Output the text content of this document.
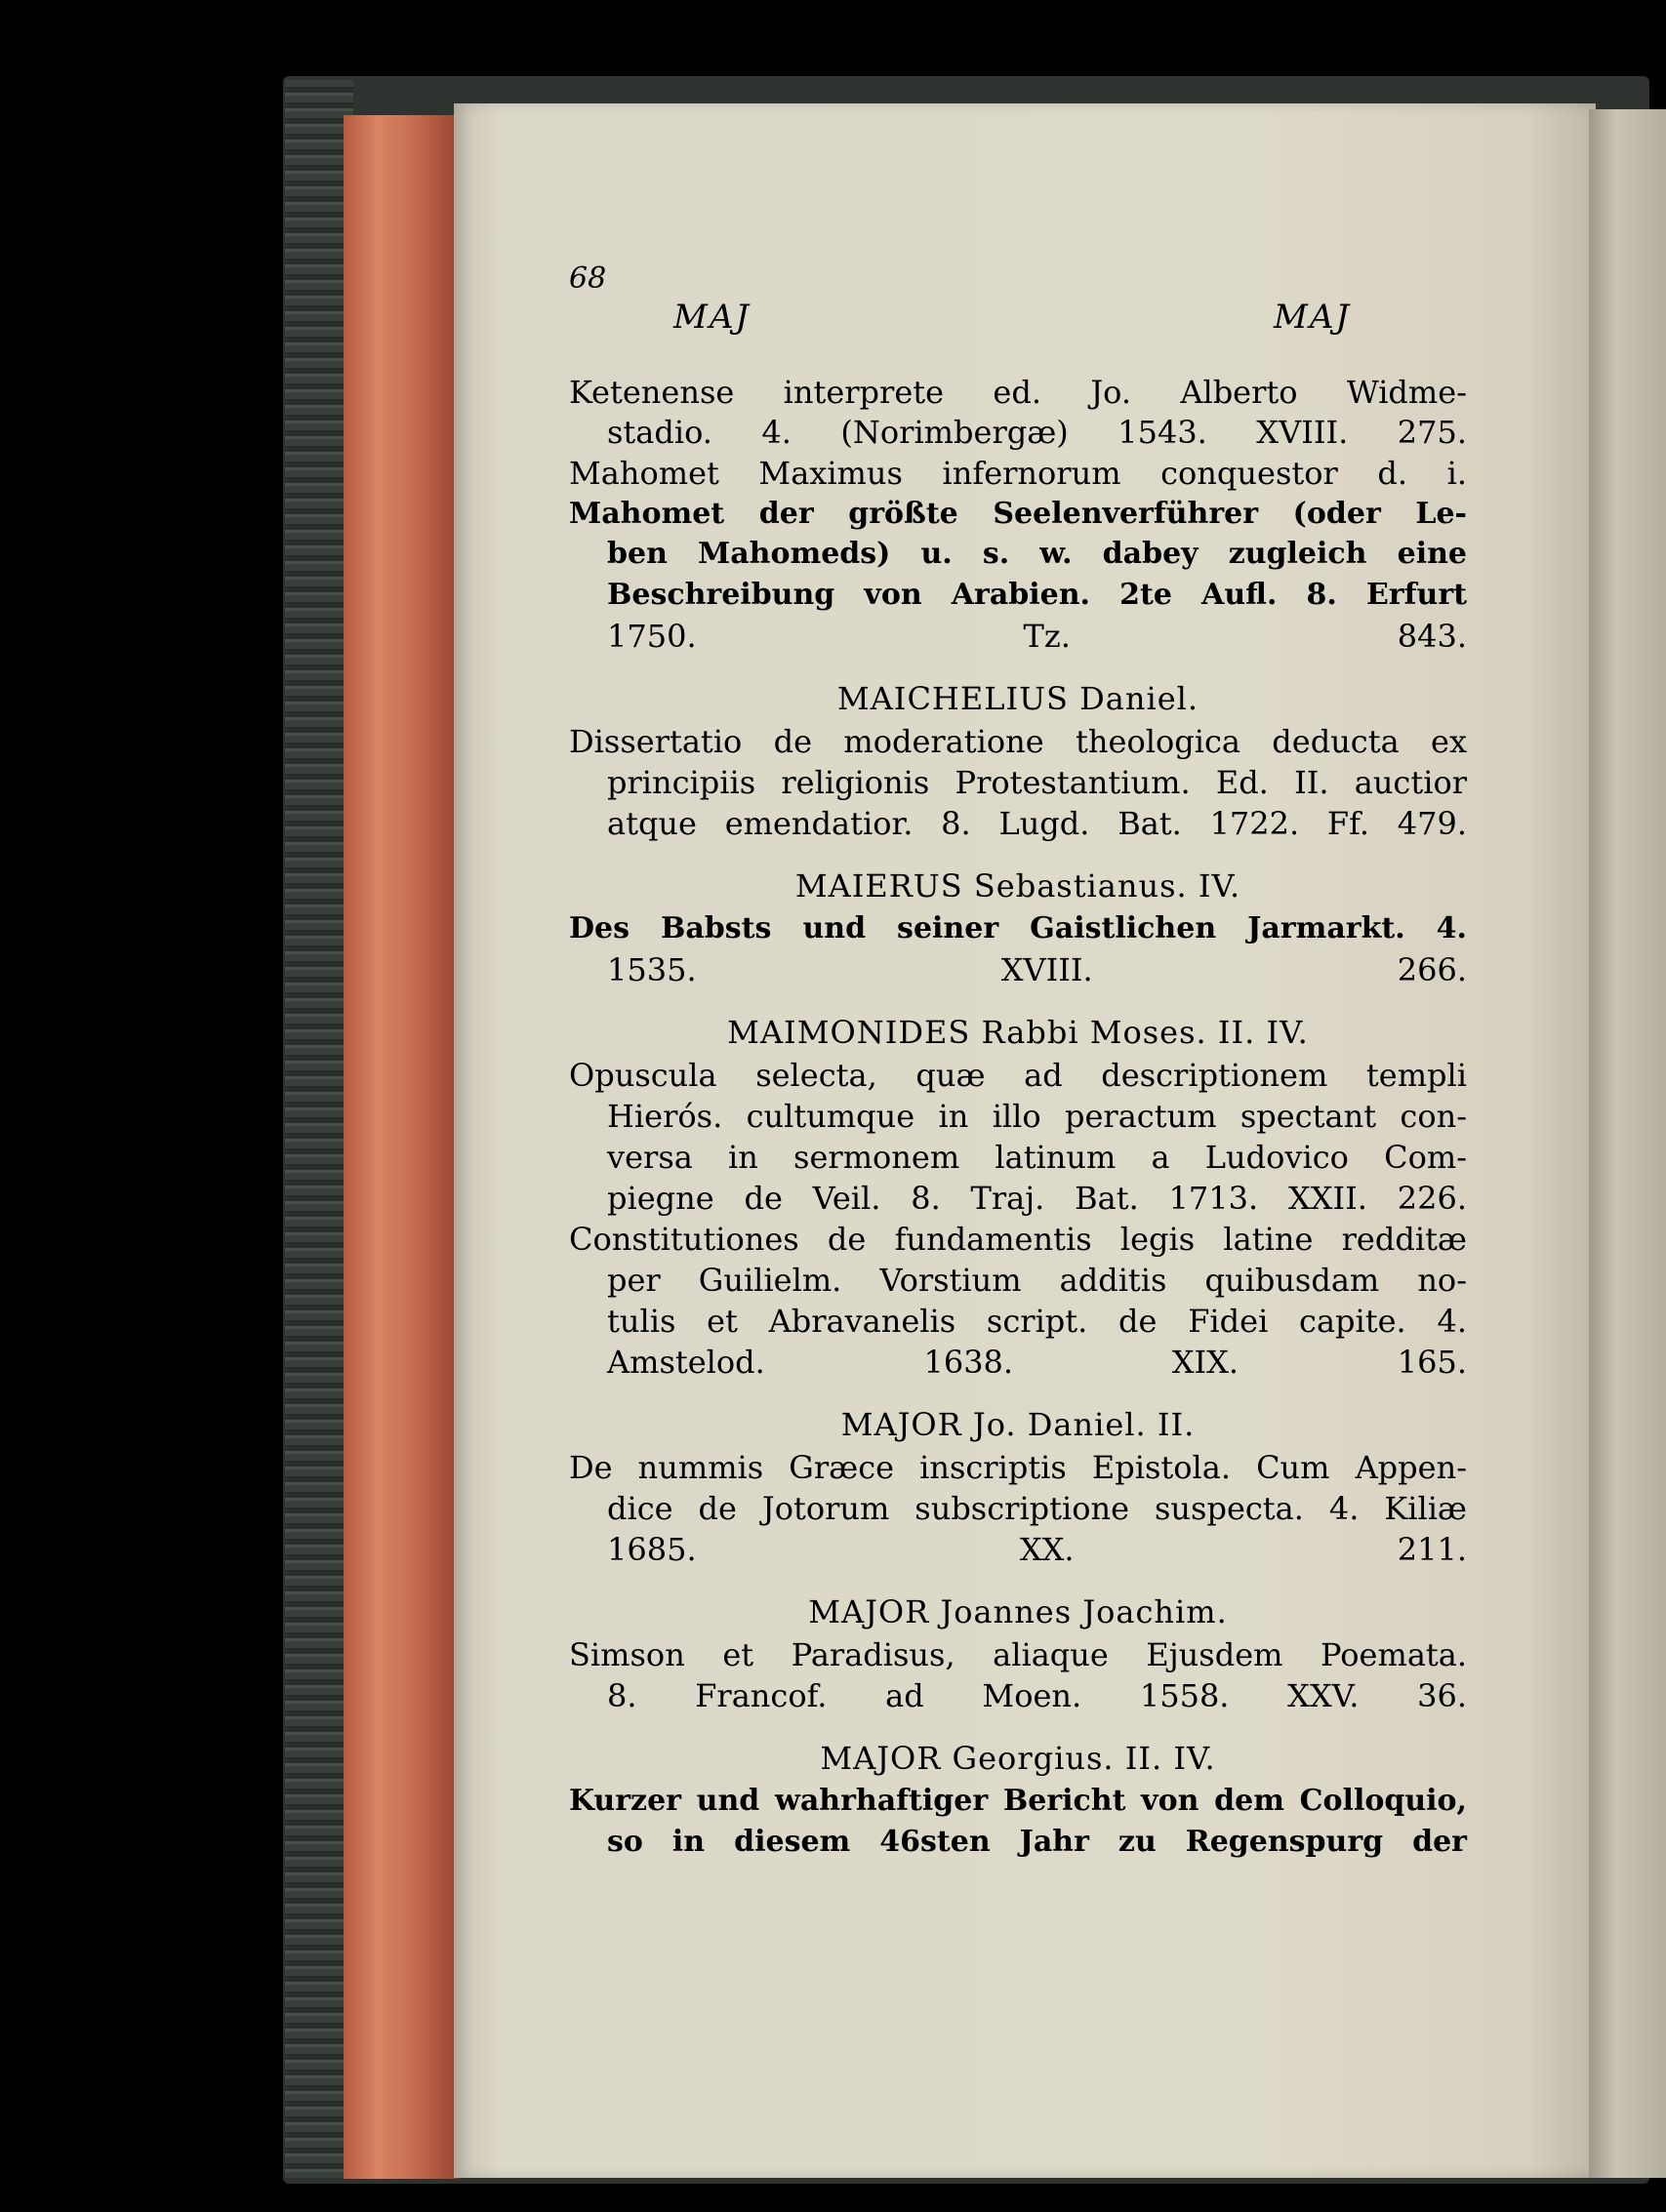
68
MAJ	MAJ
Ketenense interprete ed. Jo. Alberto Widme-
stadio. 4. (Norimbergæ) 1543. XVIII. 275.
Mahomet Maximus infernorum conquestor d. i.
Mahomet der größte Seelenverführer (oder Le-
ben Mahomeds) u. s. w. dabey zugleich eine
Beschreibung von Arabien. 2te Aufl. 8. Erfurt
1750. Tz. 843.
MAICHELIUS Daniel.
Dissertatio de moderatione theologica deducta ex
principiis religionis Protestantium. Ed. II. auctior
atque emendatior. 8. Lugd. Bat. 1722. Ff. 479.
MAIERUS Sebastianus. IV.
Des Babsts und seiner Gaistlichen Jarmarkt. 4.
1535. XVIII. 266.
MAIMONIDES Rabbi Moses. II. IV.
Opuscula selecta, quæ ad descriptionem templi
Hierós. cultumque in illo peractum spectant con-
versa in sermonem latinum a Ludovico Com-
piegne de Veil. 8. Traj. Bat. 1713. XXII. 226.
Constitutiones de fundamentis legis latine redditæ
per Guilielm. Vorstium additis quibusdam no-
tulis et Abravanelis script. de Fidei capite. 4.
Amstelod. 1638. XIX. 165.
MAJOR Jo. Daniel. II.
De nummis Græce inscriptis Epistola. Cum Appen-
dice de Jotorum subscriptione suspecta. 4. Kiliæ
1685. XX. 211.
MAJOR Joannes Joachim.
Simson et Paradisus, aliaque Ejusdem Poemata.
8. Francof. ad Moen. 1558. XXV. 36.
MAJOR Georgius. II. IV.
Kurzer und wahrhaftiger Bericht von dem Colloquio,
so in diesem 46sten Jahr zu Regenspurg der
